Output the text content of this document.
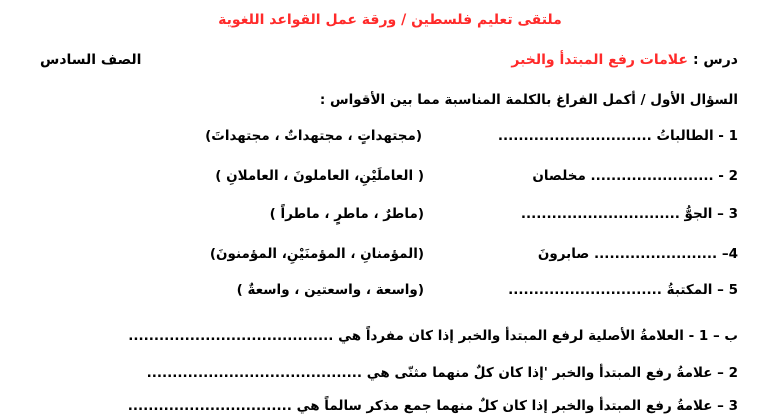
ملتقى تعليم فلسطين / ورقة عمل القواعد اللغوية
درس :
علامات رفع المبتدأ والخبر
الصف السادس
السؤال الأول / أكمل الفراغ بالكلمة المناسبة مما بين الأقواس :
1 - الطالباتُ ..............................
(مجتهداتٍ ، مجتهداتٌ ، مجتهداتَ)
2 - ........................ مخلصان
( العاملَيْنِ، العاملونَ ، العاملانِ )
3 – الجوُّ ...............................
(ماطرٌ ، ماطرٍ ، ماطراً )
4– ........................ صابرونَ
(المؤمنانِ ، المؤمنَيْنِ، المؤمنونَ)
5 – المكتبةُ ..............................
(واسعة ، واسعتين ، واسعةٌ )
ب – 1 - العلامةُ الأصلية لرفع المبتدأ والخبر إذا كان مفرداً هي ........................................
2 – علامةُ رفع المبتدأ والخبر 'إذا كان كلٌ منهما مثنّى هي ..........................................
3 – علامةُ رفع المبتدأ والخبر إذا كان كلٌ منهما جمع مذكر سالماً هي ................................
